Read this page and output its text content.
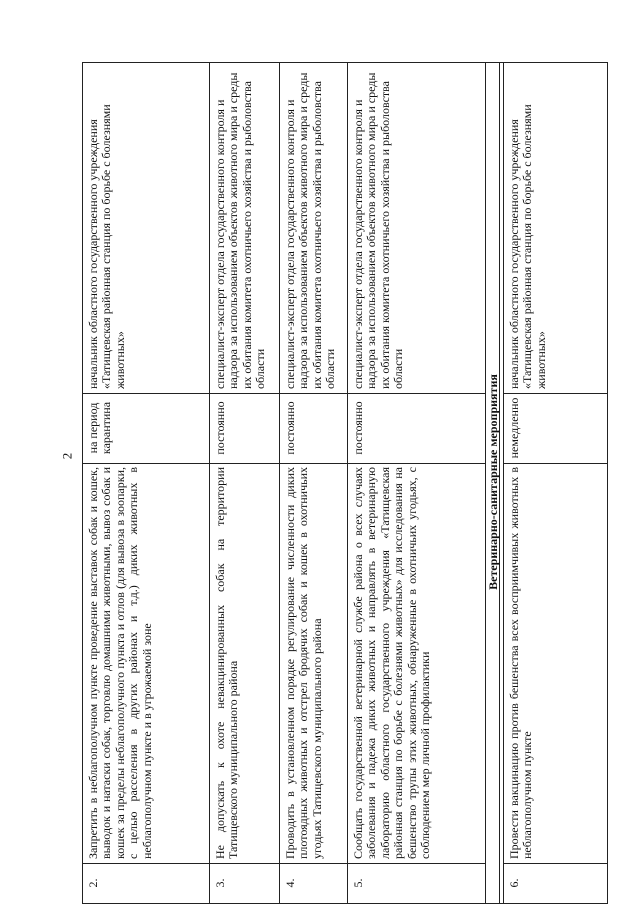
2
начальник областного государственного учреждения «Татищевская районная станция по борьбе с болезнями животных»
на период карантина
Запретить в неблагополучном пункте проведение выставок собак и кошек, выводок и натаски собак, торговлю домашними животными, вывоз собак и кошек за пределы неблагополучного пункта и отлов (для вывоза в зоопарки, с целью расселения в других районах и т.д.) диких животных в неблагополучном пункте и в угрожаемой зоне
2.
специалист-эксперт отдела государственного контроля и надзора за использованием объектов животного мира и среды их обитания комитета охотничьего хозяйства и рыболовства области
постоянно
Не допускать к охоте невакцинированных собак на территории Татищевского муниципального района
3.
специалист-эксперт отдела государственного контроля и надзора за использованием объектов животного мира и среды их обитания комитета охотничьего хозяйства и рыболовства области
постоянно
Проводить в установленном порядке регулирование численности диких плотоядных животных и отстрел бродячих собак и кошек в охотничьих угодьях Татищевского муниципального района
4.
специалист-эксперт отдела государственного контроля и надзора за использованием объектов животного мира и среды их обитания комитета охотничьего хозяйства и рыболовства области
постоянно
Сообщать государственной ветеринарной службе района о всех случаях заболевания и падежа диких животных и направлять в ветеринарную лабораторию областного государственного учреждения «Татищевская районная станция по борьбе с болезнями животных» для исследования на бешенство трупы этих животных, обнаруженные в охотничьих угодьях, с соблюдением мер личной профилактики
5.
Ветеринарно-санитарные мероприятия
начальник областного государственного учреждения «Татищевская районная станция по борьбе с болезнями животных»
немедленно
Провести вакцинацию против бешенства всех восприимчивых животных в неблагополучном пункте
6.
